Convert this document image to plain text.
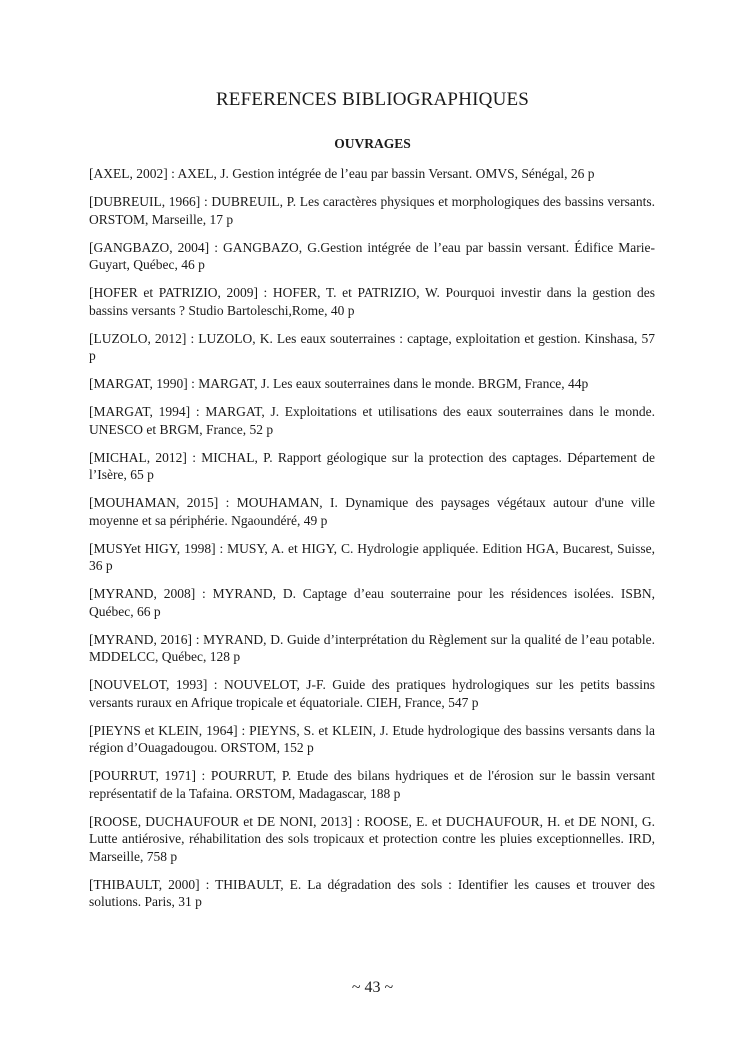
REFERENCES BIBLIOGRAPHIQUES
OUVRAGES
[AXEL, 2002] : AXEL, J. Gestion intégrée de l’eau par bassin Versant. OMVS, Sénégal, 26 p
[DUBREUIL, 1966] : DUBREUIL, P. Les caractères physiques et morphologiques des bassins versants. ORSTOM, Marseille, 17 p
[GANGBAZO, 2004] : GANGBAZO, G.Gestion intégrée de l’eau par bassin versant. Édifice Marie-Guyart, Québec, 46 p
[HOFER et PATRIZIO, 2009] : HOFER, T. et PATRIZIO, W. Pourquoi investir dans la gestion des bassins versants ? Studio Bartoleschi,Rome, 40 p
[LUZOLO, 2012] : LUZOLO, K. Les eaux souterraines : captage, exploitation et gestion. Kinshasa, 57 p
[MARGAT, 1990] : MARGAT, J. Les eaux souterraines dans le monde. BRGM, France, 44p
[MARGAT, 1994] : MARGAT, J. Exploitations et utilisations des eaux souterraines dans le monde. UNESCO et BRGM, France, 52 p
[MICHAL, 2012] : MICHAL, P. Rapport géologique sur la protection des captages. Département de l’Isère, 65 p
[MOUHAMAN, 2015] : MOUHAMAN, I. Dynamique des paysages végétaux autour d'une ville moyenne et sa périphérie. Ngaoundéré, 49 p
[MUSYet HIGY, 1998] : MUSY, A. et HIGY, C. Hydrologie appliquée. Edition HGA, Bucarest, Suisse, 36 p
[MYRAND, 2008] : MYRAND, D. Captage d’eau souterraine pour les résidences isolées. ISBN, Québec, 66 p
[MYRAND, 2016] : MYRAND, D. Guide d’interprétation du Règlement sur la qualité de l’eau potable. MDDELCC, Québec, 128 p
[NOUVELOT, 1993] : NOUVELOT, J-F. Guide des pratiques hydrologiques sur les petits bassins versants ruraux en Afrique tropicale et équatoriale. CIEH, France, 547 p
[PIEYNS et KLEIN, 1964] : PIEYNS, S. et KLEIN, J. Etude hydrologique des bassins versants dans la région d’Ouagadougou. ORSTOM, 152 p
[POURRUT, 1971] : POURRUT, P. Etude des bilans hydriques et de l'érosion sur le bassin versant représentatif de la Tafaina. ORSTOM, Madagascar, 188 p
[ROOSE, DUCHAUFOUR et DE NONI, 2013] : ROOSE, E. et DUCHAUFOUR, H. et DE NONI, G. Lutte antiérosive, réhabilitation des sols tropicaux et protection contre les pluies exceptionnelles. IRD, Marseille, 758 p
[THIBAULT, 2000] : THIBAULT, E. La dégradation des sols : Identifier les causes et trouver des solutions. Paris, 31 p
~ 43 ~
